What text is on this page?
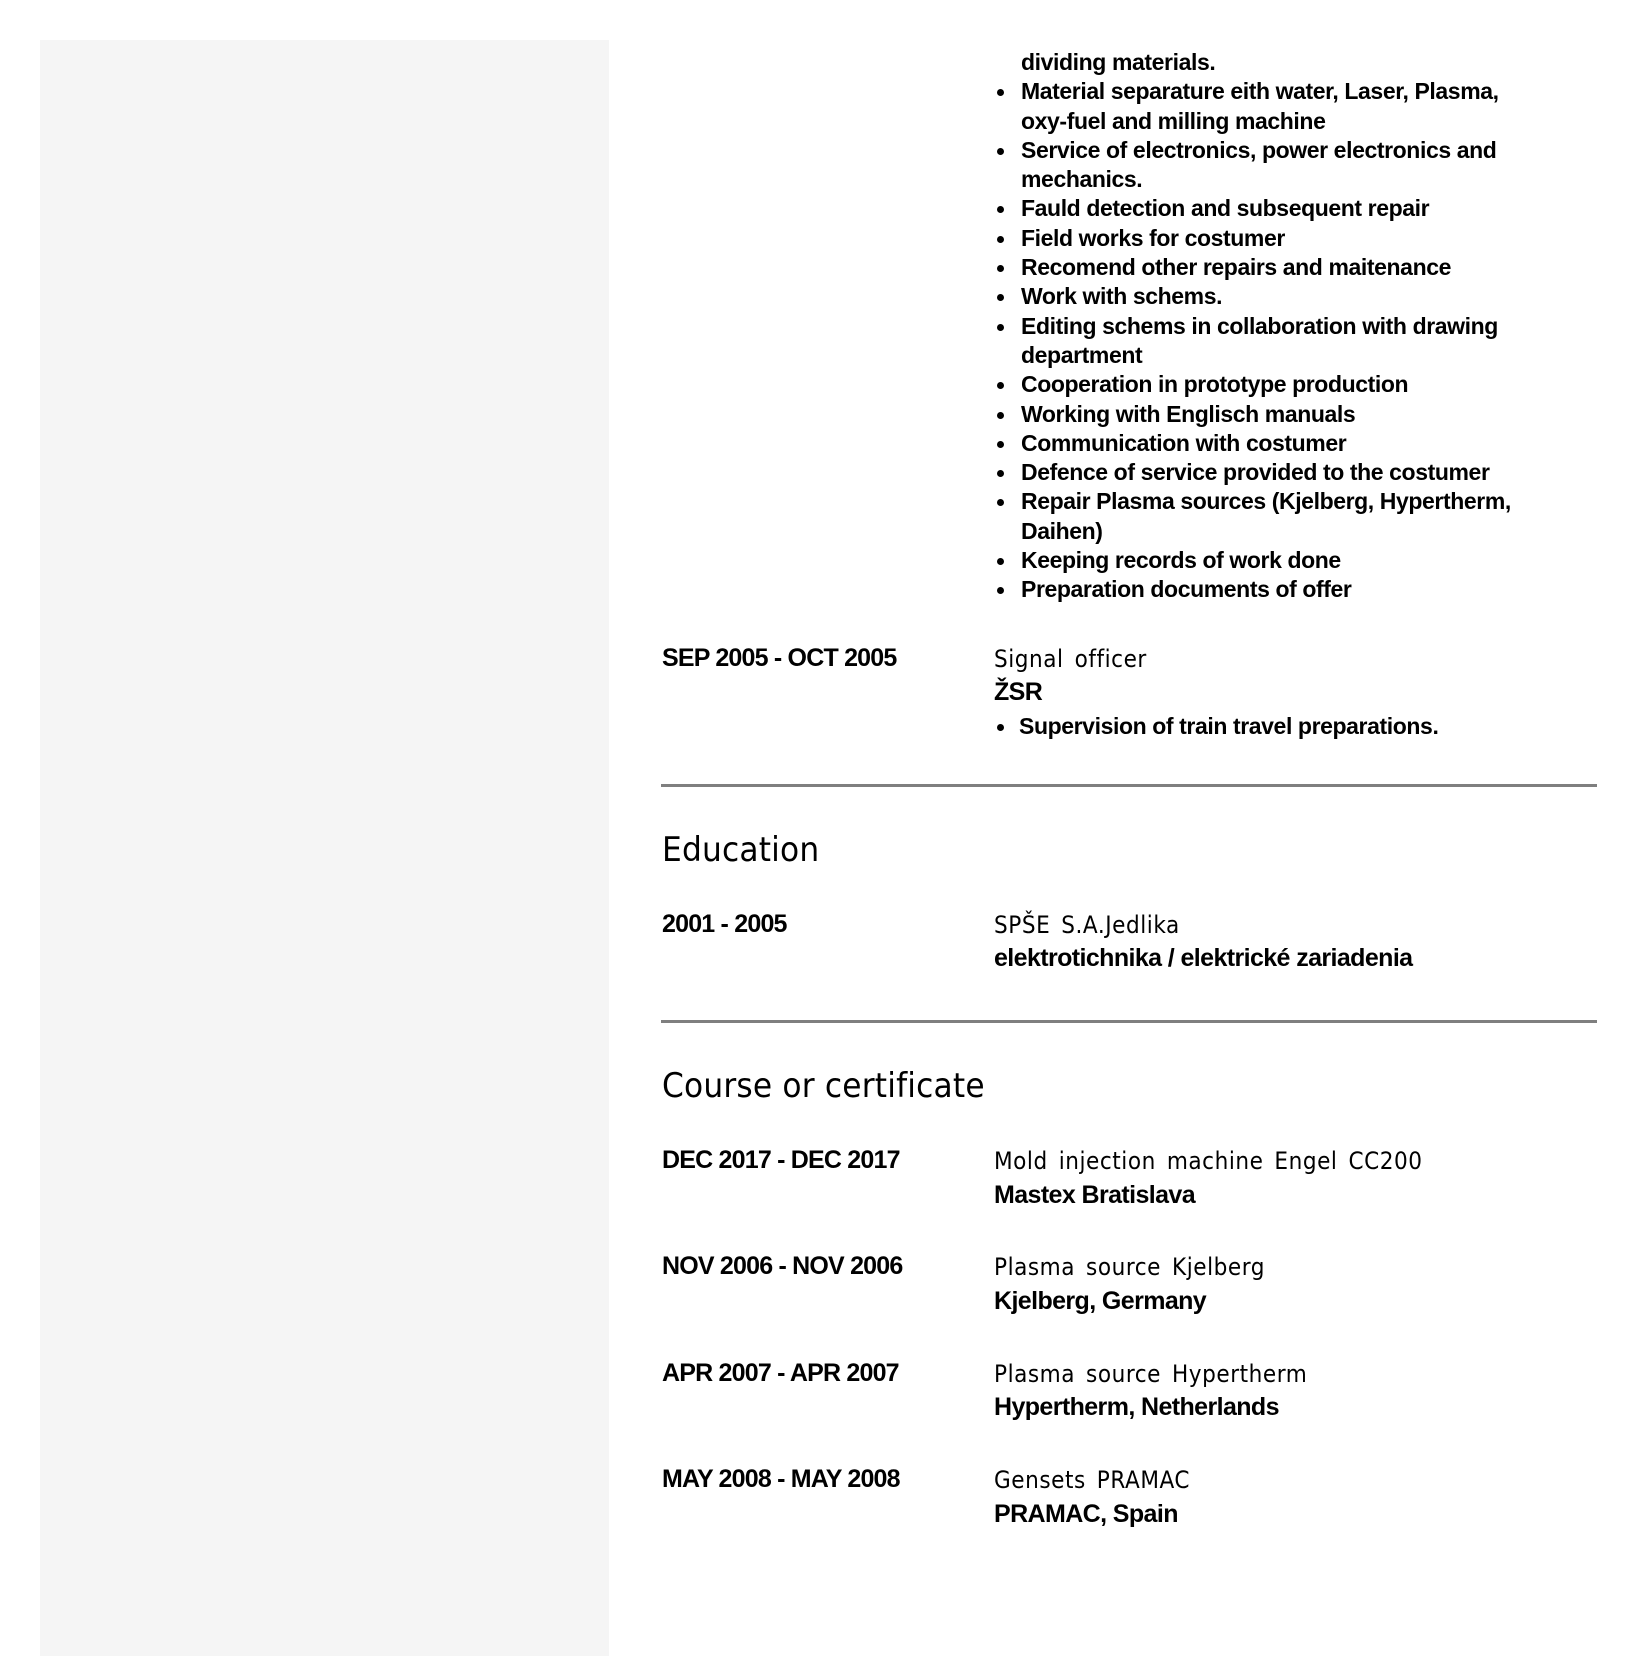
dividing materials.
Material separature eith water, Laser, Plasma,
oxy-fuel and milling machine
Service of electronics, power electronics and
mechanics.
Fauld detection and subsequent repair
Field works for costumer
Recomend other repairs and maitenance
Work with schems.
Editing schems in collaboration with drawing
department
Cooperation in prototype production
Working with Englisch manuals
Communication with costumer
Defence of service provided to the costumer
Repair Plasma sources (Kjelberg, Hypertherm,
Daihen)
Keeping records of work done
Preparation documents of offer
SEP 2005 - OCT 2005	Signal officer
ŽSR
Supervision of train travel preparations.
Education
2001 - 2005	SPŠE S.A.Jedlika
elektrotichnika / elektrické zariadenia
Course or certificate
DEC 2017 - DEC 2017	Mold injection machine Engel CC200
Mastex Bratislava
NOV 2006 - NOV 2006	Plasma source Kjelberg
Kjelberg, Germany
APR 2007 - APR 2007	Plasma source Hypertherm
Hypertherm, Netherlands
MAY 2008 - MAY 2008	Gensets PRAMAC
PRAMAC, Spain
